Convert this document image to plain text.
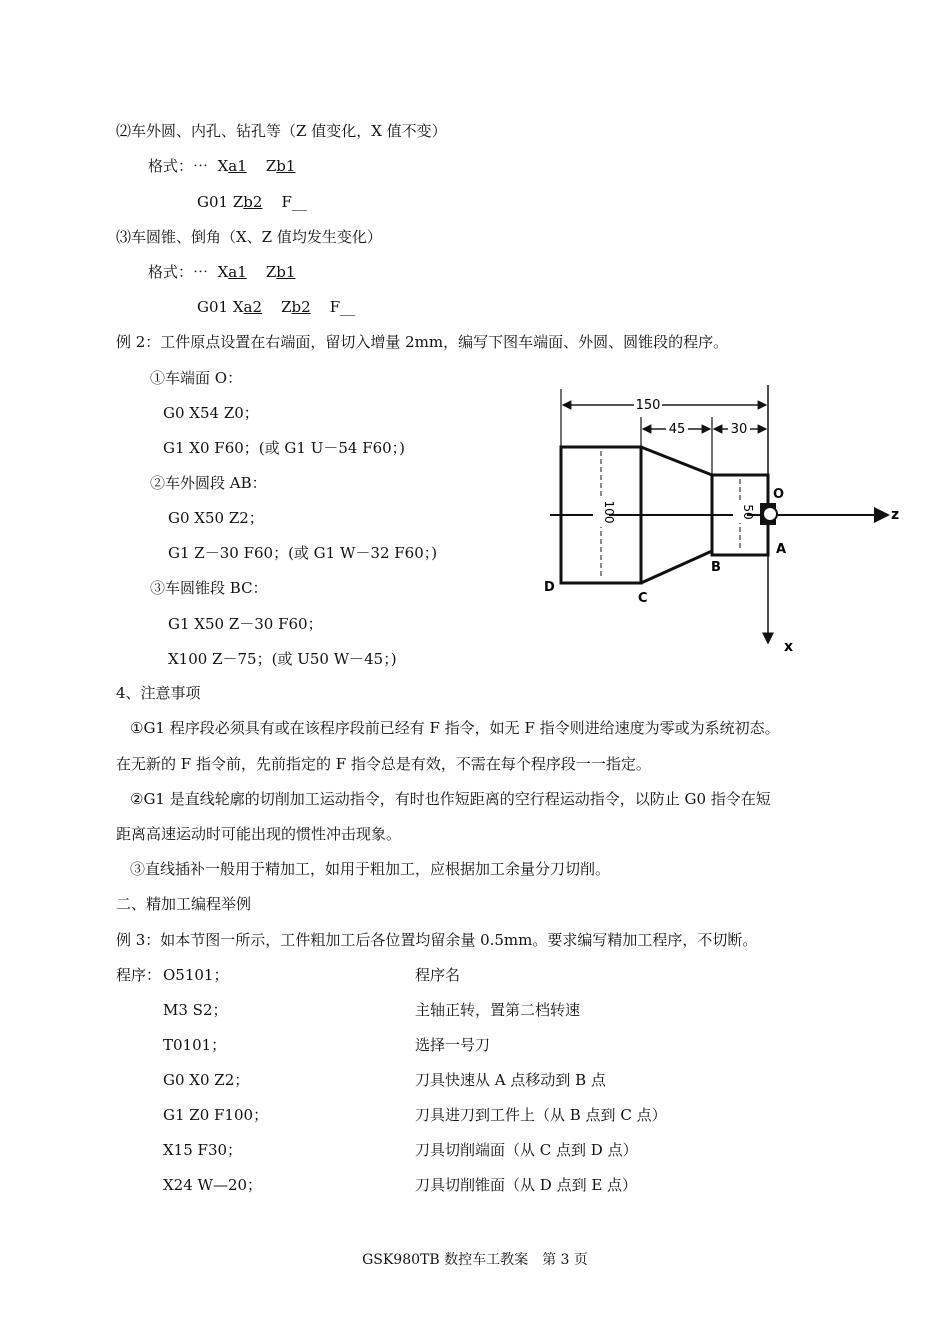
⑵车外圆、内孔、钻孔等（Z 值变化，X 值不变）
格式：⋯ Xa1 Zb1
G01 Zb2 F__
⑶车圆锥、倒角（X、Z 值均发生变化）
格式：⋯ Xa1 Zb1
G01 Xa2 Zb2 F__
例 2：工件原点设置在右端面，留切入增量 2mm，编写下图车端面、外圆、圆锥段的程序。
①车端面 O：
G0 X54 Z0；
G1 X0 F60；(或 G1 U－54 F60；)
②车外圆段 AB：
G0 X50 Z2；
G1 Z－30 F60；(或 G1 W－32 F60；)
③车圆锥段 BC：
G1 X50 Z－30 F60；
X100 Z－75；(或 U50 W－45；)
150
45	30
100	50
O
A
B
C
D
z
x
4、注意事项
①G1 程序段必须具有或在该程序段前已经有 F 指令，如无 F 指令则进给速度为零或为系统初态。
在无新的 F 指令前，先前指定的 F 指令总是有效，不需在每个程序段一一指定。
②G1 是直线轮廓的切削加工运动指令，有时也作短距离的空行程运动指令，以防止 G0 指令在短
距离高速运动时可能出现的惯性冲击现象。
③直线插补一般用于精加工，如用于粗加工，应根据加工余量分刀切削。
二、精加工编程举例
例 3：如本节图一所示，工件粗加工后各位置均留余量 0.5mm。要求编写精加工程序，不切断。
程序： O5101；	程序名
M3 S2；	主轴正转，置第二档转速
T0101；	选择一号刀
G0 X0 Z2；	刀具快速从 A 点移动到 B 点
G1 Z0 F100；	刀具进刀到工件上（从 B 点到 C 点）
X15 F30；	刀具切削端面（从 C 点到 D 点）
X24 W—20；	刀具切削锥面（从 D 点到 E 点）
GSK980TB 数控车工教案　第 3 页
